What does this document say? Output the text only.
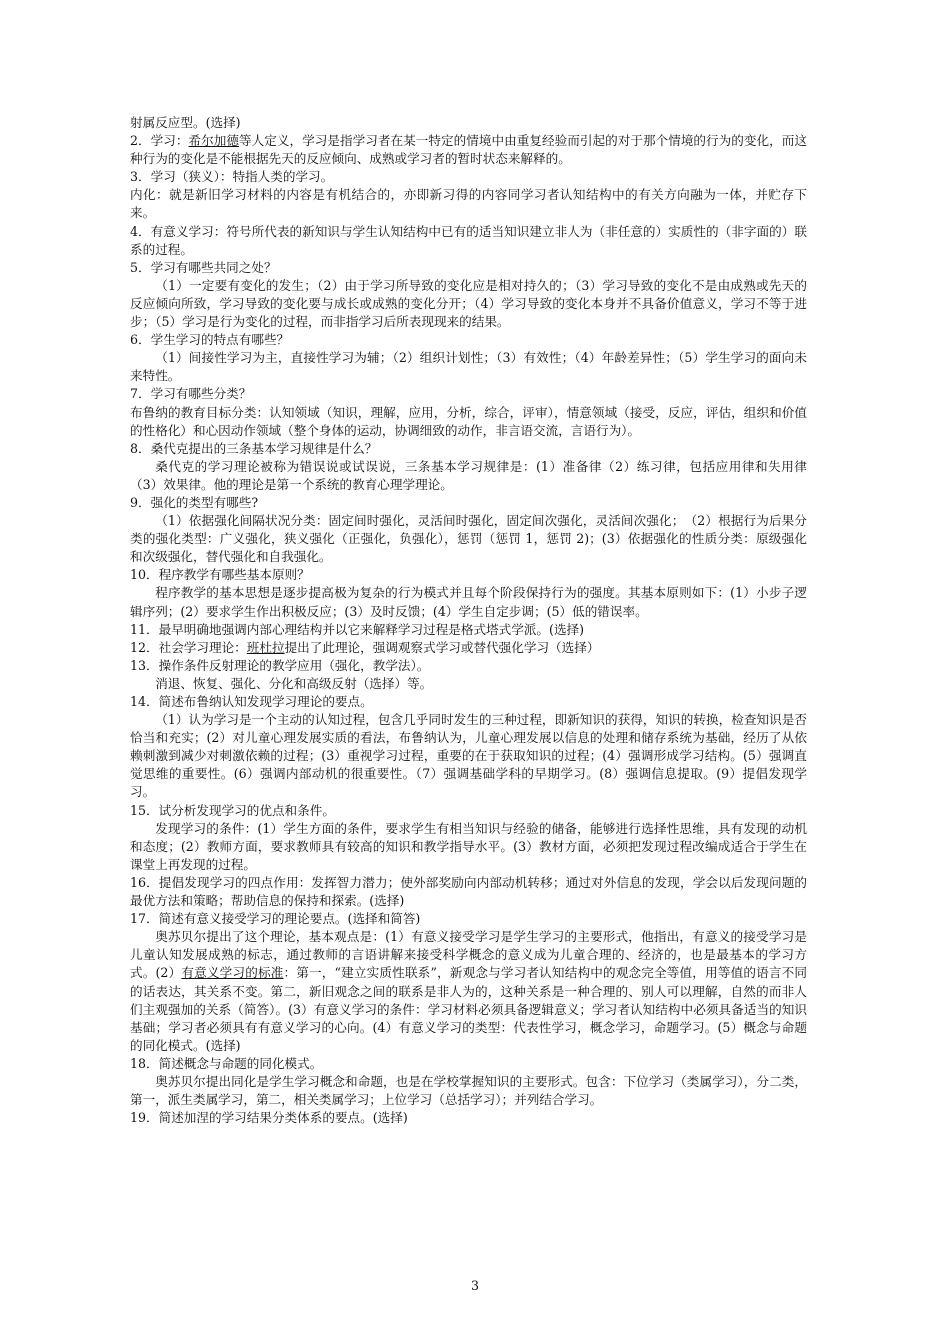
射属反应型。(选择)

2．学习：希尔加德等人定义，学习是指学习者在某一特定的情境中由重复经验而引起的对于那个情境的行为的变化，而这种行为的变化是不能根据先天的反应倾向、成熟或学习者的暂时状态来解释的。

3．学习（狭义）：特指人类的学习。

内化：就是新旧学习材料的内容是有机结合的，亦即新习得的内容同学习者认知结构中的有关方向融为一体，并贮存下来。

4．有意义学习：符号所代表的新知识与学生认知结构中已有的适当知识建立非人为（非任意的）实质性的（非字面的）联系的过程。

5．学习有哪些共同之处？

（1）一定要有变化的发生；（2）由于学习所导致的变化应是相对持久的；（3）学习导致的变化不是由成熟或先天的反应倾向所致，学习导致的变化要与成长或成熟的变化分开；（4）学习导致的变化本身并不具备价值意义，学习不等于进步；（5）学习是行为变化的过程，而非指学习后所表现现来的结果。

6．学生学习的特点有哪些？

（1）间接性学习为主，直接性学习为辅；（2）组织计划性；（3）有效性；（4）年龄差异性；（5）学生学习的面向未来特性。

7．学习有哪些分类？

布鲁纳的教育目标分类：认知领域（知识，理解，应用，分析，综合，评审），情意领域（接受，反应，评估，组织和价值的性格化）和心因动作领域（整个身体的运动，协调细致的动作，非言语交流，言语行为）。

8．桑代克提出的三条基本学习规律是什么？

桑代克的学习理论被称为错误说或试误说，三条基本学习规律是：(1）准备律（2）练习律，包括应用律和失用律（3）效果律。他的理论是第一个系统的教育心理学理论。

9．强化的类型有哪些?

（1）依据强化间隔状况分类：固定间时强化，灵活间时强化，固定间次强化，灵活间次强化；　（2）根据行为后果分类的强化类型：广义强化，狭义强化（正强化，负强化），惩罚（惩罚 1，惩罚 2)；(3）依据强化的性质分类：原级强化和次级强化，替代强化和自我强化。

10．程序教学有哪些基本原则？

程序教学的基本思想是逐步提高极为复杂的行为模式并且每个阶段保持行为的强度。其基本原则如下：(1）小步子逻辑序列；(2）要求学生作出积极反应；(3）及时反馈；(4）学生自定步调；(5）低的错误率。

11．最早明确地强调内部心理结构并以它来解释学习过程是格式塔式学派。(选择)

12．社会学习理论：班杜拉提出了此理论，强调观察式学习或替代强化学习（选择）

13．操作条件反射理论的教学应用（强化，教学法）。

消退、恢复、强化、分化和高级反射（选择）等。

14．简述布鲁纳认知发现学习理论的要点。

（1）认为学习是一个主动的认知过程，包含几乎同时发生的三种过程，即新知识的获得，知识的转换，检查知识是否恰当和充实；(2）对儿童心理发展实质的看法，布鲁纳认为，儿童心理发展以信息的处理和储存系统为基础，经历了从依赖刺激到减少对刺激依赖的过程；(3）重视学习过程，重要的在于获取知识的过程；(4）强调形成学习结构。(5）强调直觉思维的重要性。(6）强调内部动机的很重要性。（7）强调基础学科的早期学习。(8）强调信息提取。(9）提倡发现学习。

15．试分析发现学习的优点和条件。

发现学习的条件：(1）学生方面的条件，要求学生有相当知识与经验的储备，能够进行选择性思维，具有发现的动机和态度；(2）教师方面，要求教师具有较高的知识和教学指导水平。(3）教材方面，必须把发现过程改编成适合于学生在课堂上再发现的过程。

16．提倡发现学习的四点作用：发挥智力潜力；使外部奖励向内部动机转移；通过对外信息的发现，学会以后发现问题的最优方法和策略；帮助信息的保持和探索。(选择)

17．简述有意义接受学习的理论要点。(选择和简答)

奥苏贝尔提出了这个理论，基本观点是：(1）有意义接受学习是学生学习的主要形式，他指出，有意义的接受学习是儿童认知发展成熟的标志，通过教师的言语讲解来接受科学概念的意义成为儿童合理的、经济的，也是最基本的学习方式。(2）有意义学习的标准：第一，“建立实质性联系”，新观念与学习者认知结构中的观念完全等值，用等值的语言不同的话表达，其关系不变。第二，新旧观念之间的联系是非人为的，这种关系是一种合理的、别人可以理解，自然的而非人们主观强加的关系（简答）。(3）有意义学习的条件：学习材料必须具备逻辑意义；学习者认知结构中必须具备适当的知识基础；学习者必须具有有意义学习的心向。(4）有意义学习的类型：代表性学习，概念学习，命题学习。(5）概念与命题的同化模式。(选择)

18．简述概念与命题的同化模式。

奥苏贝尔提出同化是学生学习概念和命题，也是在学校掌握知识的主要形式。包含：下位学习（类属学习），分二类，第一，派生类属学习，第二，相关类属学习；上位学习（总括学习）；并列结合学习。

19．简述加涅的学习结果分类体系的要点。(选择)

3
